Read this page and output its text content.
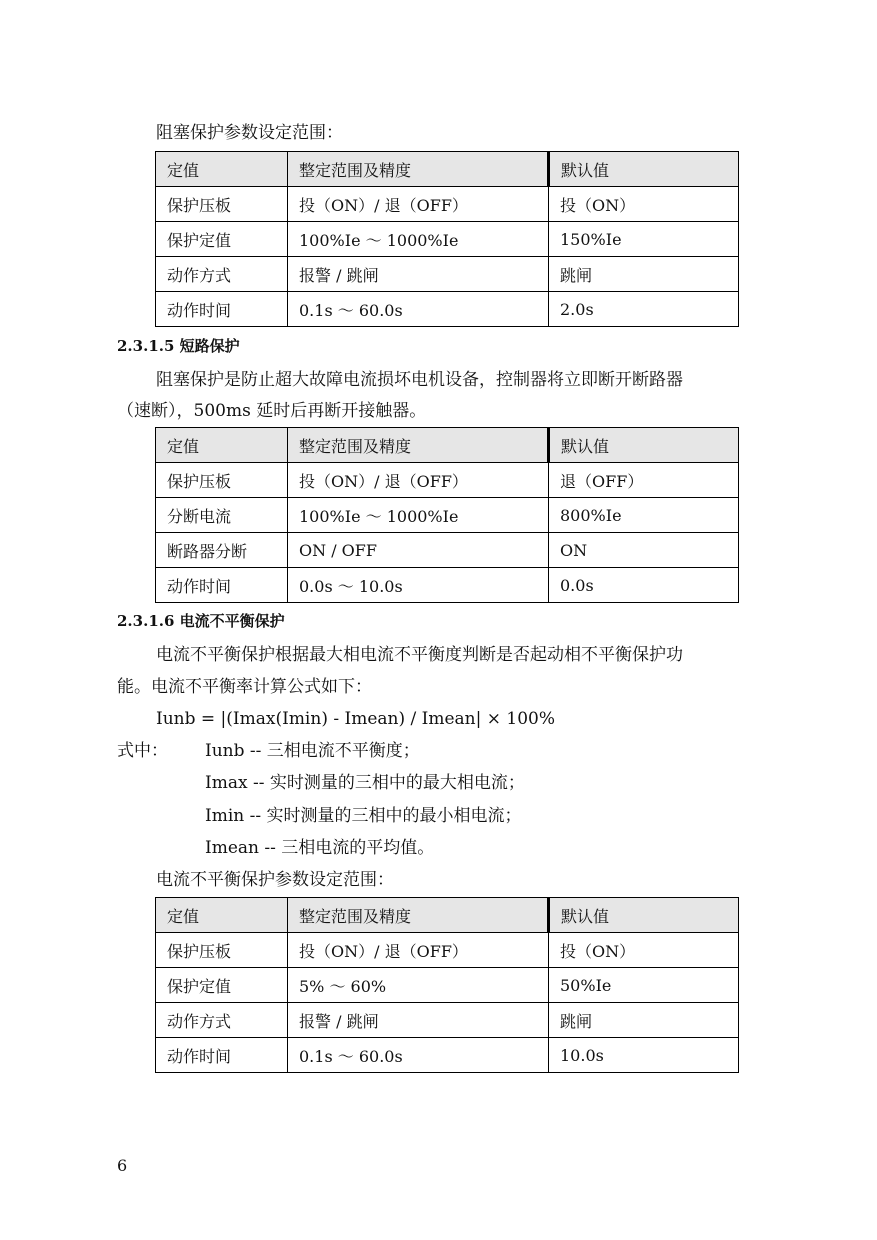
阻塞保护参数设定范围：
定值	整定范围及精度	默认值
保护压板	投（ON）/ 退（OFF）	投（ON）
保护定值	100%Ie ～ 1000%Ie	150%Ie
动作方式	报警 / 跳闸	跳闸
动作时间	0.1s ～ 60.0s	2.0s
2.3.1.5 短路保护
阻塞保护是防止超大故障电流损坏电机设备，控制器将立即断开断路器
（速断），500ms 延时后再断开接触器。
定值	整定范围及精度	默认值
保护压板	投（ON）/ 退（OFF）	退（OFF）
分断电流	100%Ie ～ 1000%Ie	800%Ie
断路器分断	ON / OFF	ON
动作时间	0.0s ～ 10.0s	0.0s
2.3.1.6 电流不平衡保护
电流不平衡保护根据最大相电流不平衡度判断是否起动相不平衡保护功
能。电流不平衡率计算公式如下：
Iunb = |(Imax(Imin) - Imean) / Imean| × 100%
式中： Iunb -- 三相电流不平衡度；
Imax -- 实时测量的三相中的最大相电流；
Imin -- 实时测量的三相中的最小相电流；
Imean -- 三相电流的平均值。
电流不平衡保护参数设定范围：
定值	整定范围及精度	默认值
保护压板	投（ON）/ 退（OFF）	投（ON）
保护定值	5% ～ 60%	50%Ie
动作方式	报警 / 跳闸	跳闸
动作时间	0.1s ～ 60.0s	10.0s
6
